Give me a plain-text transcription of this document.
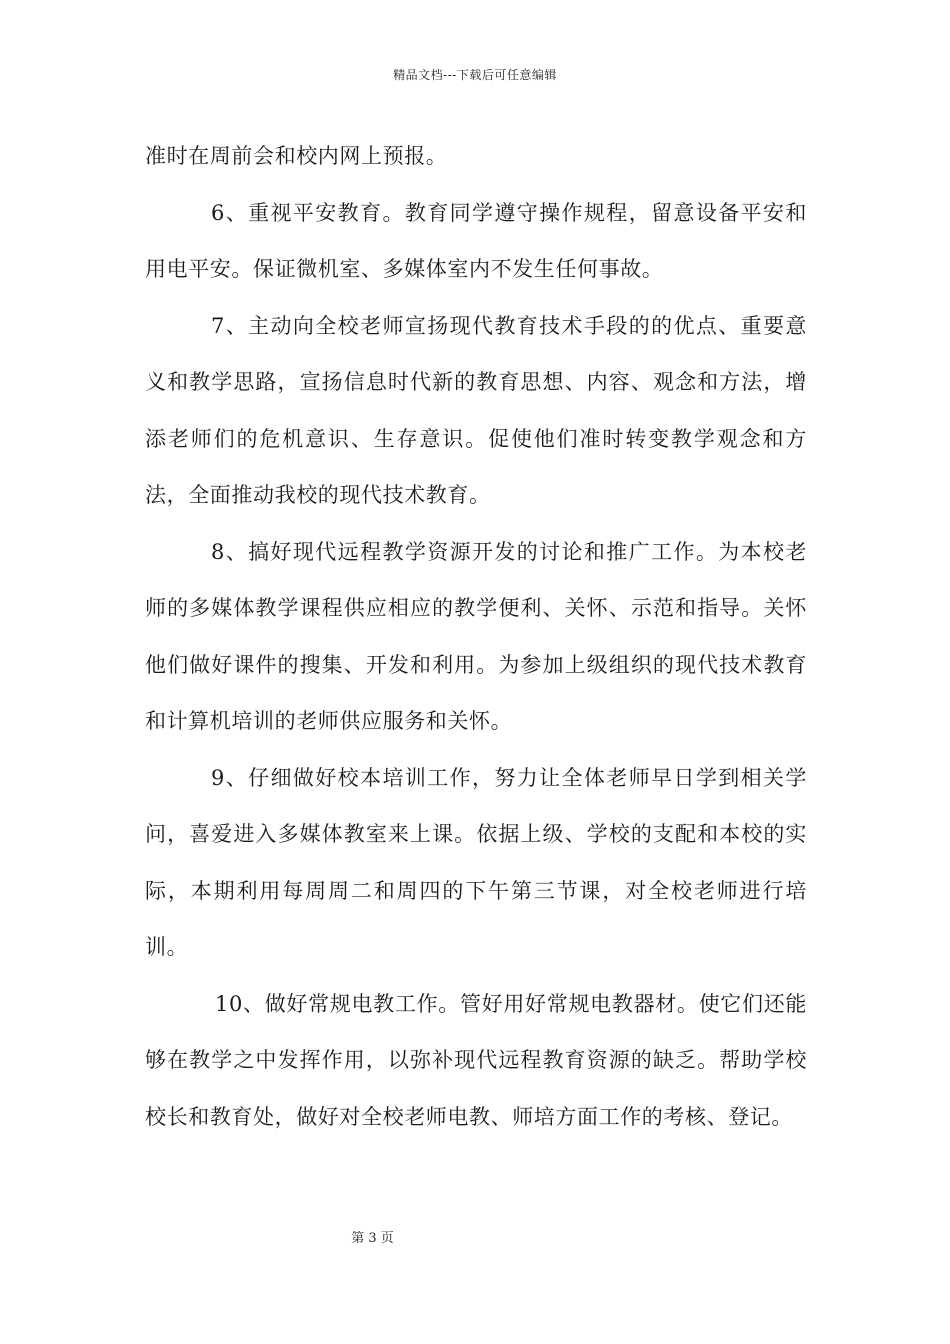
精品文档---下载后可任意编辑

准时在周前会和校内网上预报。

6、重视平安教育。教育同学遵守操作规程，留意设备平安和用电平安。保证微机室、多媒体室内不发生任何事故。

7、主动向全校老师宣扬现代教育技术手段的的优点、重要意义和教学思路，宣扬信息时代新的教育思想、内容、观念和方法，增添老师们的危机意识、生存意识。促使他们准时转变教学观念和方法，全面推动我校的现代技术教育。

8、搞好现代远程教学资源开发的讨论和推广工作。为本校老师的多媒体教学课程供应相应的教学便利、关怀、示范和指导。关怀他们做好课件的搜集、开发和利用。为参加上级组织的现代技术教育和计算机培训的老师供应服务和关怀。

9、仔细做好校本培训工作，努力让全体老师早日学到相关学问，喜爱进入多媒体教室来上课。依据上级、学校的支配和本校的实际，本期利用每周周二和周四的下午第三节课，对全校老师进行培训。

10、做好常规电教工作。管好用好常规电教器材。使它们还能够在教学之中发挥作用，以弥补现代远程教育资源的缺乏。帮助学校校长和教育处，做好对全校老师电教、师培方面工作的考核、登记。

第 3 页
